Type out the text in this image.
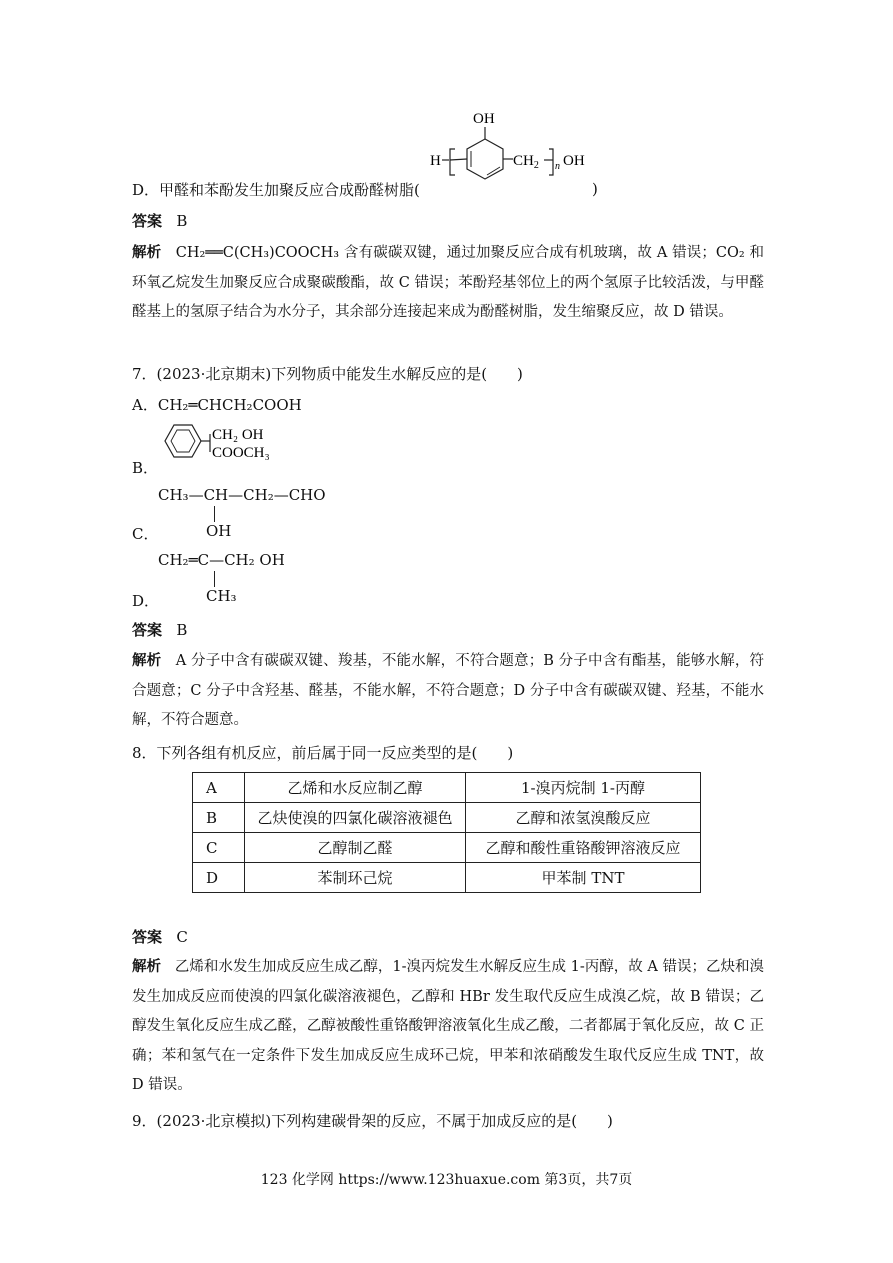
OH
H	$CH_2$ n OH
D．甲醛和苯酚发生加聚反应合成酚醛树脂(	)
答案 B
解析 CH₂══C(CH₃)COOCH₃ 含有碳碳双键，通过加聚反应合成有机玻璃，故 A 错误；CO₂ 和环氧乙烷发生加聚反应合成聚碳酸酯，故 C 错误；苯酚羟基邻位上的两个氢原子比较活泼，与甲醛醛基上的氢原子结合为水分子，其余部分连接起来成为酚醛树脂，发生缩聚反应，故 D 错误。
7．(2023·北京期末)下列物质中能发生水解反应的是(　　)
A．CH₂═CHCH₂COOH
CH₂ OH
COOCH₃
B．
CH₃—CH—CH₂—CHO
OH
C．
CH₂═C—CH₂ OH
CH₃
D．
答案 B
解析 A 分子中含有碳碳双键、羧基，不能水解，不符合题意；B 分子中含有酯基，能够水解，符合题意；C 分子中含羟基、醛基，不能水解，不符合题意；D 分子中含有碳碳双键、羟基，不能水解，不符合题意。
8．下列各组有机反应，前后属于同一反应类型的是(　　)
A	乙烯和水反应制乙醇	1-溴丙烷制 1-丙醇
B	乙炔使溴的四氯化碳溶液褪色	乙醇和浓氢溴酸反应
C	乙醇制乙醛	乙醇和酸性重铬酸钾溶液反应
D	苯制环己烷	甲苯制 TNT
答案 C
解析 乙烯和水发生加成反应生成乙醇，1-溴丙烷发生水解反应生成 1-丙醇，故 A 错误；乙炔和溴发生加成反应而使溴的四氯化碳溶液褪色，乙醇和 HBr 发生取代反应生成溴乙烷，故 B 错误；乙醇发生氧化反应生成乙醛，乙醇被酸性重铬酸钾溶液氧化生成乙酸，二者都属于氧化反应，故 C 正确；苯和氢气在一定条件下发生加成反应生成环己烷，甲苯和浓硝酸发生取代反应生成 TNT，故 D 错误。
9．(2023·北京模拟)下列构建碳骨架的反应，不属于加成反应的是(　　)
123 化学网 https://www.123huaxue.com 第3页，共7页
